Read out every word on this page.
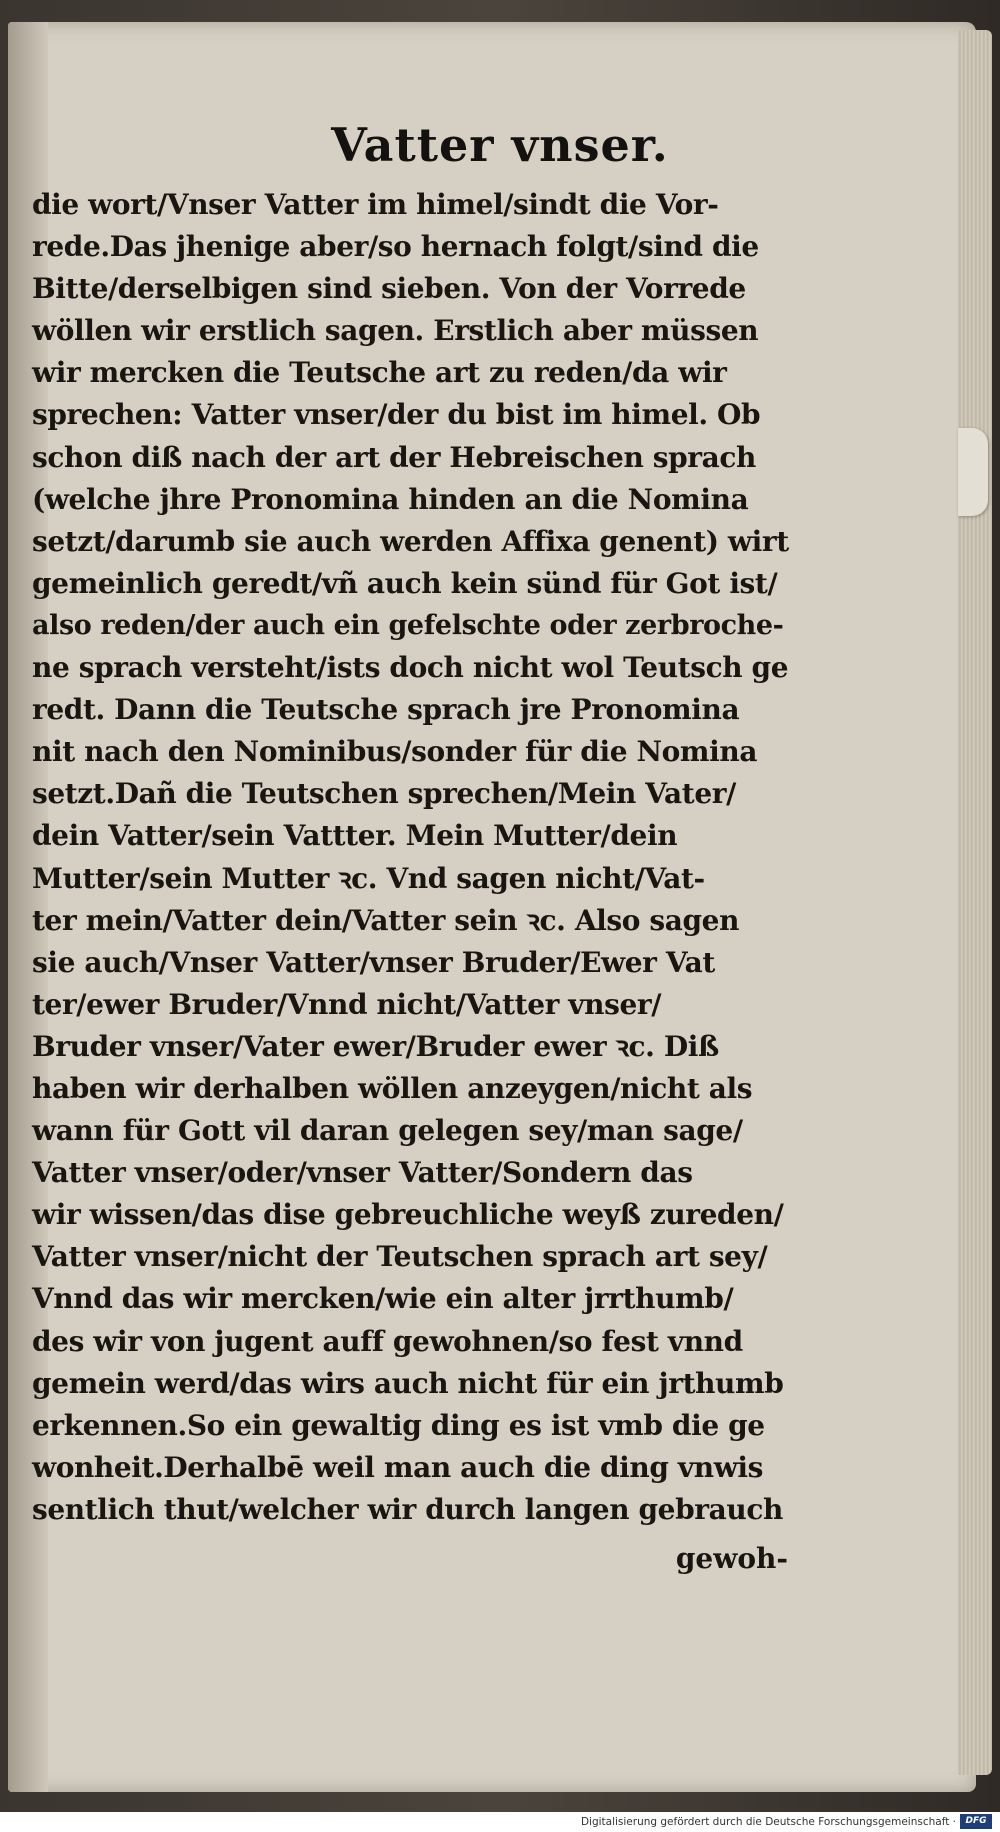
Vatter vnser.
die wort/Vnser Vatter im himel/sindt die Vor-
rede.Das jhenige aber/so hernach folgt/sind die
Bitte/derselbigen sind sieben. Von der Vorrede
wöllen wir erstlich sagen. Erstlich aber müssen
wir mercken die Teutsche art zu reden/da wir
sprechen: Vatter vnser/der du bist im himel. Ob
schon diß nach der art der Hebreischen sprach
(welche jhre Pronomina hinden an die Nomina
setzt/darumb sie auch werden Affixa genent) wirt
gemeinlich geredt/vñ auch kein sünd für Got ist/
also reden/der auch ein gefelschte oder zerbroche-
ne sprach versteht/ists doch nicht wol Teutsch ge
redt. Dann die Teutsche sprach jre Pronomina
nit nach den Nominibus/sonder für die Nomina
setzt.Dañ die Teutschen sprechen/Mein Vater/
dein Vatter/sein Vattter. Mein Mutter/dein
Mutter/sein Mutter ꝛc. Vnd sagen nicht/Vat-
ter mein/Vatter dein/Vatter sein ꝛc. Also sagen
sie auch/Vnser Vatter/vnser Bruder/Ewer Vat
ter/ewer Bruder/Vnnd nicht/Vatter vnser/
Bruder vnser/Vater ewer/Bruder ewer ꝛc. Diß
haben wir derhalben wöllen anzeygen/nicht als
wann für Gott vil daran gelegen sey/man sage/
Vatter vnser/oder/vnser Vatter/Sondern das
wir wissen/das dise gebreuchliche weyß zureden/
Vatter vnser/nicht der Teutschen sprach art sey/
Vnnd das wir mercken/wie ein alter jrrthumb/
des wir von jugent auff gewohnen/so fest vnnd
gemein werd/das wirs auch nicht für ein jrthumb
erkennen.So ein gewaltig ding es ist vmb die ge
wonheit.Derhalbē weil man auch die ding vnwis
sentlich thut/welcher wir durch langen gebrauch
gewoh-
Digitalisierung gefördert durch die Deutsche Forschungsgemeinschaft ·	DFG
